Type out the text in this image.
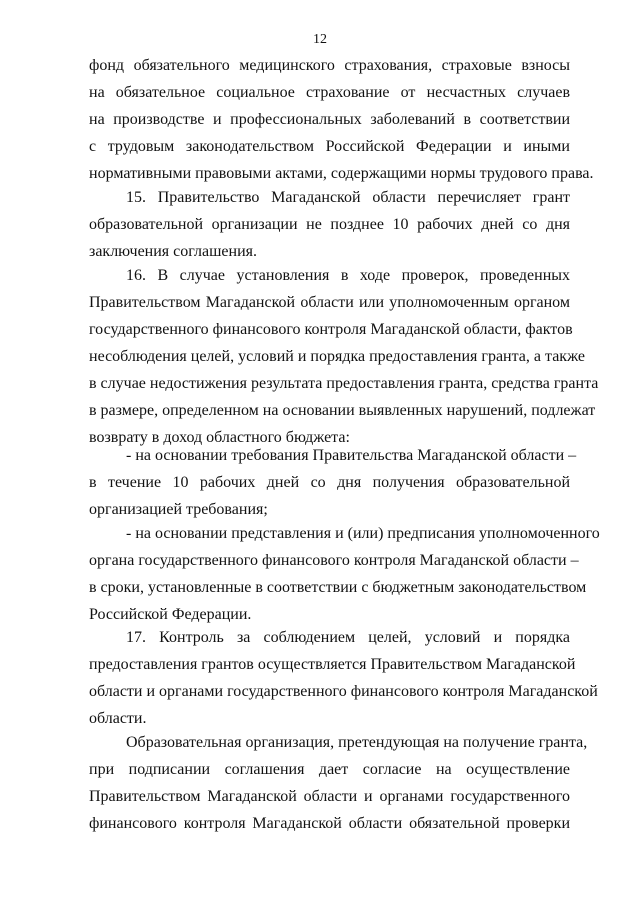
12
фонд обязательного медицинского страхования, страховые взносы
на обязательное социальное страхование от несчастных случаев
на производстве и профессиональных заболеваний в соответствии
с трудовым законодательством Российской Федерации и иными
нормативными правовыми актами, содержащими нормы трудового права.
15. Правительство Магаданской области перечисляет грант
образовательной организации не позднее 10 рабочих дней со дня
заключения соглашения.
16. В случае установления в ходе проверок, проведенных
Правительством Магаданской области или уполномоченным органом
государственного финансового контроля Магаданской области, фактов
несоблюдения целей, условий и порядка предоставления гранта, а также
в случае недостижения результата предоставления гранта, средства гранта
в размере, определенном на основании выявленных нарушений, подлежат
возврату в доход областного бюджета:
- на основании требования Правительства Магаданской области –
в течение 10 рабочих дней со дня получения образовательной
организацией требования;
- на основании представления и (или) предписания уполномоченного
органа государственного финансового контроля Магаданской области –
в сроки, установленные в соответствии с бюджетным законодательством
Российской Федерации.
17. Контроль за соблюдением целей, условий и порядка
предоставления грантов осуществляется Правительством Магаданской
области и органами государственного финансового контроля Магаданской
области.
Образовательная организация, претендующая на получение гранта,
при подписании соглашения дает согласие на осуществление
Правительством Магаданской области и органами государственного
финансового контроля Магаданской области обязательной проверки
